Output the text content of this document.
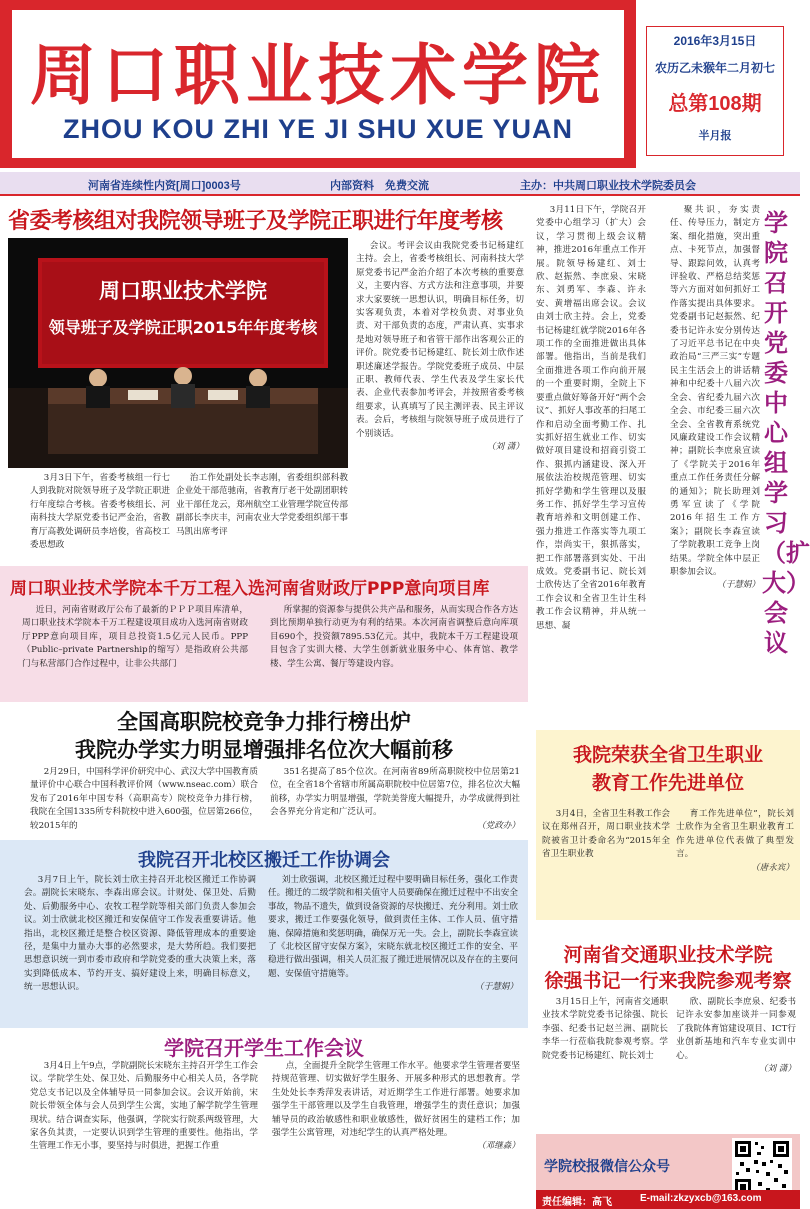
周口职业技术学院
ZHOU KOU ZHI YE JI SHU XUE YUAN
2016年3月15日
农历乙未猴年二月初七
总第108期
半月报
河南省连续性内资[周口]0003号	内部资料　免费交流	主办：中共周口职业技术学院委员会
省委考核组对我院领导班子及学院正职进行年度考核
周口职业技术学院
领导班子及学院正职2015年年度考核

3月3日下午，省委考核组一行七人到我院对院领导班子及学院正职进行年度综合考核。省委考核组长、河南科技大学原党委书记严金治，省教育厅高教处调研员李培俊，省高校工委思想政

治工作处副处长李志刚，省委组织部科教企业处干部范驰南，省教育厅老干处副团职转业干部任龙云，郑州航空工业管理学院宣传部副部长李庆丰，河南农业大学党委组织部干事马凯出席考评

会议。考评会议由我院党委书记杨建红主持。会上，省委考核组长、河南科技大学原党委书记严金治介绍了本次考核的重要意义，主要内容、方式方法和注意事项，并要求大家要统一思想认识，明确目标任务，切实客观负责，本着对学校负责、对事业负责、对干部负责的态度，严肃认真、实事求是地对领导班子和省管干部作出客观公正的评价。院党委书记杨建红、院长刘士欣作述职述廉述学报告。学院党委班子成员、中层正职、教师代表、学生代表及学生家长代表、企业代表参加考评会，并按照省委考核组要求，认真填写了民主测评表、民主评议表。会后，考核组与院领导班子成员进行了个别谈话。

（刘 潇）
周口职业技术学院本千万工程入选河南省财政厅PPP意向项目库

近日，河南省财政厅公布了最新的ＰＰＰ项目库清单，周口职业技术学院本千万工程建设项目成功入选河南省财政厅PPP意向项目库，项目总投资1.5亿元人民币。PPP（Public–private Partnership的缩写）是指政府公共部门与私营部门合作过程中，让非公共部门

所掌握的资源参与提供公共产品和服务，从而实现合作各方达到比预期单独行动更为有利的结果。本次河南省调整后意向库项目690个，投资额7895.53亿元。其中，我院本千万工程建设项目包含了实训大楼、大学生创新就业服务中心、体育馆、教学楼、学生公寓、餐厅等建设内容。

全国高职院校竞争力排行榜出炉
我院办学实力明显增强排名位次大幅前移

2月29日，中国科学评价研究中心、武汉大学中国教育质量评价中心联合中国科教评价网（www.nseac.com）联合发布了2016年中国专科（高职高专）院校竞争力排行榜，我院在全国1335所专科院校中进入600强，位居第266位，较2015年的

351名提高了85个位次。在河南省89所高职院校中位居第21位，在全省18个省辖市所属高职院校中位居第7位，排名位次大幅前移，办学实力明显增强，学院美誉度大幅提升，办学成就得到社会各界充分肯定和广泛认可。

（党政办）
我院召开北校区搬迁工作协调会

3月7日上午，院长刘士欣主持召开北校区搬迁工作协调会。副院长宋晓东、李森出席会议。计财处、保卫处、后勤处、后勤服务中心、农牧工程学院等相关部门负责人参加会议。刘士欣就北校区搬迁和安保值守工作发表重要讲话。他指出，北校区搬迁是整合校区资源、降低管理成本的重要途径，是集中力量办大事的必然要求，是大势所趋。我们要把思想意识统一到市委市政府和学院党委的重大决策上来，落实到降低成本、节约开支、搞好建设上来，明确目标意义，统一思想认识。

刘士欣强调，北校区搬迁过程中要明确目标任务，强化工作责任。搬迁的二级学院和相关值守人员要确保在搬迁过程中不出安全事故，物品不遗失，做到设备资源的尽快搬迁、充分利用。刘士欣要求，搬迁工作要强化领导，做到责任主体、工作人员、值守措施、保障措施和奖惩明确，确保万无一失。会上，副院长李森宣读了《北校区留守安保方案》，宋晓东就北校区搬迁工作的安全、平稳进行做出强调，相关人员汇报了搬迁进展情况以及存在的主要问题、安保值守措施等。

（于慧娟）
学院召开学生工作会议

3月4日上午9点，学院副院长宋晓东主持召开学生工作会议。学院学生处、保卫处、后勤服务中心相关人员，各学院党总支书记以及全体辅导员一同参加会议。会议开始前，宋院长带领全体与会人员到学生公寓，实地了解学院学生管理现状。结合调查实际，他强调，学院实行院系两级管理，大家各负其责，一定要认识到学生管理的重要性。他指出，学生管理工作无小事，要坚持与时俱进，把握工作重

点，全面提升全院学生管理工作水平。他要求学生管理者要坚持规范管理、切实做好学生服务、开展多种形式的思想教育。学生处处长李秀萍发表讲话，对近期学生工作进行部署。她要求加强学生干部管理以及学生自我管理，增强学生的责任意识；加强辅导员的政治敏感性和职业敏感性，做好贫困生的建档工作；加强学生公寓管理，对违纪学生的认真严格处理。

（邓继淼）

3月11日下午，学院召开党委中心组学习（扩大）会议，学习贯彻上级会议精神，推进2016年重点工作开展。院领导杨建红、刘士欣、赵振然、李庶泉、宋晓东、刘勇军、李森、许永安、黄增福出席会议。会议由刘士欣主持。会上，党委书记杨建红就学院2016年各项工作的全面推进做出具体部署。他指出，当前是我们全面推进各项工作向前开展的一个重要时期，全院上下要重点做好筹备开好“两个会议”、抓好人事改革的扫尾工作和启动全面考勤工作、扎实抓好招生就业工作、切实做好项目建设和招商引资工作、狠抓内涵建设、深入开展依法治校规范管理、切实抓好学勤和学生管理以及服务工作、抓好学生学习宣传教育培养和文明创建工作、强力推进工作落实等九项工作，崇尚实干，狠抓落实，把工作部署落到实处、干出成效。党委副书记、院长刘士欣传达了全省2016年教育工作会议和全省卫生计生科教工作会议精神，并从统一思想、凝

聚共识，夯实责任、传导压力，制定方案、细化措施，突出重点、卡死节点，加强督导、跟踪问效，认真考评验收、严格总结奖惩等六方面对如何抓好工作落实提出具体要求。党委副书记赵振然、纪委书记许永安分别传达了习近平总书记在中央政治局“三严三实”专题民主生活会上的讲话精神和中纪委十八届六次全会、省纪委九届六次全会、市纪委三届六次全会、全省教育系统党风廉政建设工作会议精神；副院长李庶泉宣读了《学院关于2016年重点工作任务责任分解的通知》；院长助理刘勇军宣读了《学院2016年招生工作方案》；副院长李森宣读了学院教职工竞争上岗结果。学院全体中层正职参加会议。

（于慧娟）
学院召开党委中心组学习（扩大）会议
我院荣获全省卫生职业
教育工作先进单位

3月4日，全省卫生科教工作会议在郑州召开，周口职业技术学院被省卫计委命名为“2015年全省卫生职业教

育工作先进单位”，院长刘士欣作为全省卫生职业教育工作先进单位代表做了典型发言。

（唐永宾）
河南省交通职业技术学院
徐强书记一行来我院参观考察

3月15日上午，河南省交通职业技术学院党委书记徐强、院长李强、纪委书记赵兰洲、副院长李华一行莅临我院参观考察。学院党委书记杨建红、院长刘士

欣、副院长李庶泉、纪委书记许永安参加座谈并一同参观了我院体育馆建设项目、ICT行业创新基地和汽车专业实训中心。

（刘 潇）
学院校报微信公众号
责任编辑：高飞	E-mail:zkzyxcb@163.com
